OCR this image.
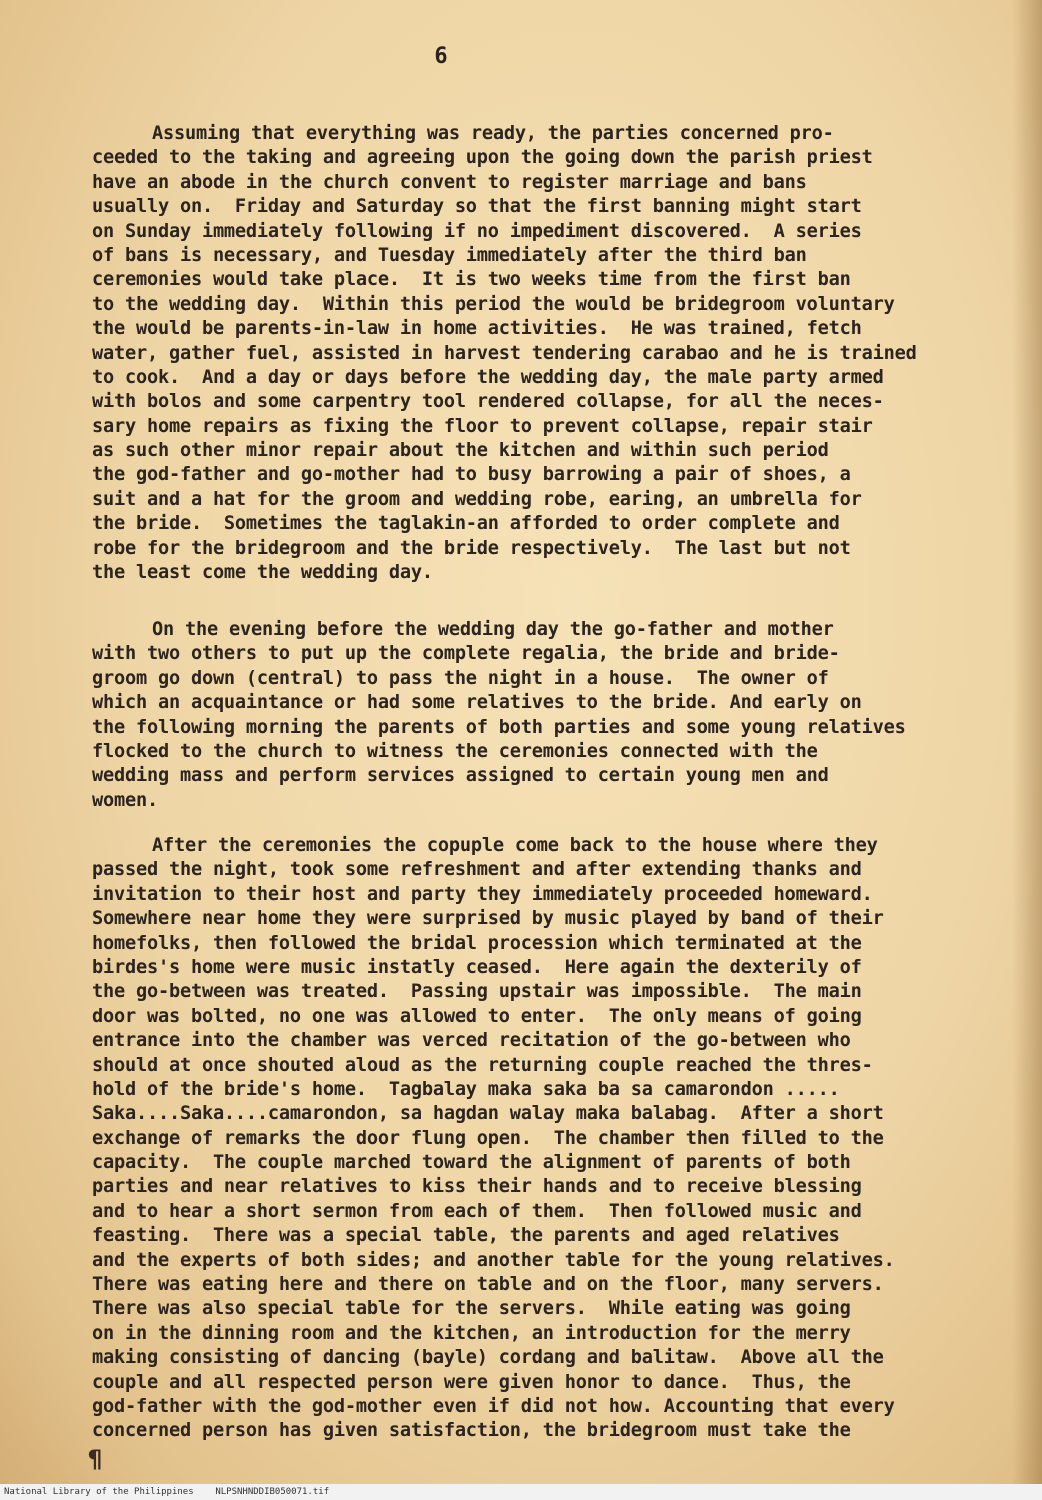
6
Assuming that everything was ready, the parties concerned pro-
ceeded to the taking and agreeing upon the going down the parish priest
have an abode in the church convent to register marriage and bans
usually on.  Friday and Saturday so that the first banning might start
on Sunday immediately following if no impediment discovered.  A series
of bans is necessary, and Tuesday immediately after the third ban
ceremonies would take place.  It is two weeks time from the first ban
to the wedding day.  Within this period the would be bridegroom voluntary
the would be parents-in-law in home activities.  He was trained, fetch
water, gather fuel, assisted in harvest tendering carabao and he is trained
to cook.  And a day or days before the wedding day, the male party armed
with bolos and some carpentry tool rendered collapse, for all the neces-
sary home repairs as fixing the floor to prevent collapse, repair stair
as such other minor repair about the kitchen and within such period
the god-father and go-mother had to busy barrowing a pair of shoes, a
suit and a hat for the groom and wedding robe, earing, an umbrella for
the bride.  Sometimes the taglakin-an afforded to order complete and
robe for the bridegroom and the bride respectively.  The last but not
the least come the wedding day.
On the evening before the wedding day the go-father and mother
with two others to put up the complete regalia, the bride and bride-
groom go down (central) to pass the night in a house.  The owner of
which an acquaintance or had some relatives to the bride. And early on
the following morning the parents of both parties and some young relatives
flocked to the church to witness the ceremonies connected with the
wedding mass and perform services assigned to certain young men and
women.
After the ceremonies the copuple come back to the house where they
passed the night, took some refreshment and after extending thanks and
invitation to their host and party they immediately proceeded homeward.
Somewhere near home they were surprised by music played by band of their
homefolks, then followed the bridal procession which terminated at the
birdes's home were music instatly ceased.  Here again the dexterily of
the go-between was treated.  Passing upstair was impossible.  The main
door was bolted, no one was allowed to enter.  The only means of going
entrance into the chamber was verced recitation of the go-between who
should at once shouted aloud as the returning couple reached the thres-
hold of the bride's home.  Tagbalay maka saka ba sa camarondon .....
Saka....Saka....camarondon, sa hagdan walay maka balabag.  After a short
exchange of remarks the door flung open.  The chamber then filled to the
capacity.  The couple marched toward the alignment of parents of both
parties and near relatives to kiss their hands and to receive blessing
and to hear a short sermon from each of them.  Then followed music and
feasting.  There was a special table, the parents and aged relatives
and the experts of both sides; and another table for the young relatives.
There was eating here and there on table and on the floor, many servers.
There was also special table for the servers.  While eating was going
on in the dinning room and the kitchen, an introduction for the merry
making consisting of dancing (bayle) cordang and balitaw.  Above all the
couple and all respected person were given honor to dance.  Thus, the
god-father with the god-mother even if did not how. Accounting that every
concerned person has given satisfaction, the bridegroom must take the
¶
National Library of the Philippines    NLPSNHNDDIB050071.tif
